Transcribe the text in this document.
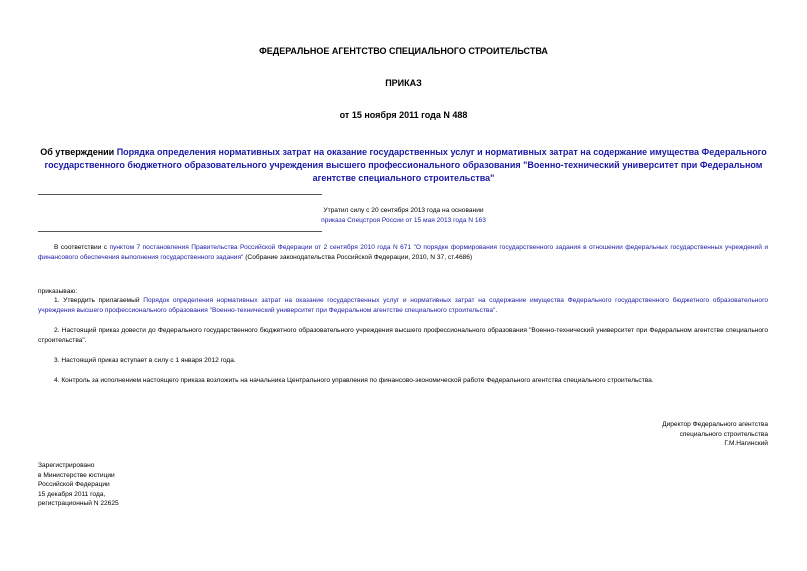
ФЕДЕРАЛЬНОЕ АГЕНТСТВО СПЕЦИАЛЬНОГО СТРОИТЕЛЬСТВА
ПРИКАЗ
от 15 ноября 2011 года N 488
Об утверждении Порядка определения нормативных затрат на оказание государственных услуг и нормативных затрат на содержание имущества Федерального государственного бюджетного образовательного учреждения высшего профессионального образования "Военно-технический университет при Федеральном агентстве специального строительства"
Утратил силу с 20 сентября 2013 года на основании
приказа Спецстроя России от 15 мая 2013 года N 163
В соответствии с пунктом 7 постановления Правительства Российской Федерации от 2 сентября 2010 года N 671 "О порядке формирования государственного задания в отношении федеральных государственных учреждений и финансового обеспечения выполнения государственного задания" (Собрание законодательства Российской Федерации, 2010, N 37, ст.4686)
приказываю:
1. Утвердить прилагаемый Порядок определения нормативных затрат на оказание государственных услуг и нормативных затрат на содержание имущества Федерального государственного бюджетного образовательного учреждения высшего профессионального образования "Военно-технический университет при Федеральном агентстве специального строительства".
2. Настоящий приказ довести до Федерального государственного бюджетного образовательного учреждения высшего профессионального образования "Военно-технический университет при Федеральном агентстве специального строительства".
3. Настоящий приказ вступает в силу с 1 января 2012 года.
4. Контроль за исполнением настоящего приказа возложить на начальника Центрального управления по финансово-экономической работе Федерального агентства специального строительства.
Директор Федерального агентства
специального строительства
Г.М.Нагинский
Зарегистрировано
в Министерстве юстиции
Российской Федерации
15 декабря 2011 года,
регистрационный N 22625
